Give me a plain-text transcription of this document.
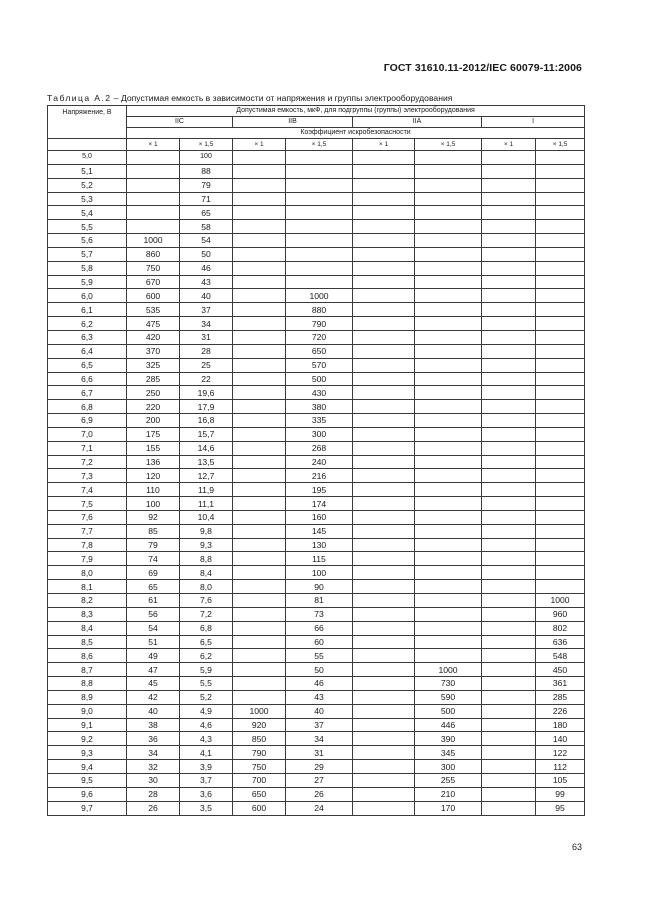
ГОСТ 31610.11-2012/IEC 60079-11:2006
Таблица А.2 – Допустимая емкость в зависимости от напряжения и группы электрооборудования
Напряжение, В	Допустимая емкость, мкФ, для подгруппы (группы) электрооборудования							
	IIC		IIB		IIA		I	
	Коэффициент искробезопасности							
	× 1	× 1,5	× 1	× 1,5	× 1	× 1,5	× 1	× 1,5
5,0		100						
5,1		88						
5,2		79						
5,3		71						
5,4		65						
5,5		58						
5,6	1000	54						
5,7	860	50						
5,8	750	46						
5,9	670	43						
6,0	600	40		1000				
6,1	535	37		880				
6,2	475	34		790				
6,3	420	31		720				
6,4	370	28		650				
6,5	325	25		570				
6,6	285	22		500				
6,7	250	19,6		430				
6,8	220	17,9		380				
6,9	200	16,8		335				
7,0	175	15,7		300				
7,1	155	14,6		268				
7,2	136	13,5		240				
7,3	120	12,7		216				
7,4	110	11,9		195				
7,5	100	11,1		174				
7,6	92	10,4		160				
7,7	85	9,8		145				
7,8	79	9,3		130				
7,9	74	8,8		115				
8,0	69	8,4		100				
8,1	65	8,0		90				
8,2	61	7,6		81				1000
8,3	56	7,2		73				960
8,4	54	6,8		66				802
8,5	51	6,5		60				636
8,6	49	6,2		55				548
8,7	47	5,9		50		1000		450
8,8	45	5,5		46		730		361
8,9	42	5,2		43		590		285
9,0	40	4,9	1000	40		500		226
9,1	38	4,6	920	37		446		180
9,2	36	4,3	850	34		390		140
9,3	34	4,1	790	31		345		122
9,4	32	3,9	750	29		300		112
9,5	30	3,7	700	27		255		105
9,6	28	3,6	650	26		210		99
9,7	26	3,5	600	24		170		95
63
